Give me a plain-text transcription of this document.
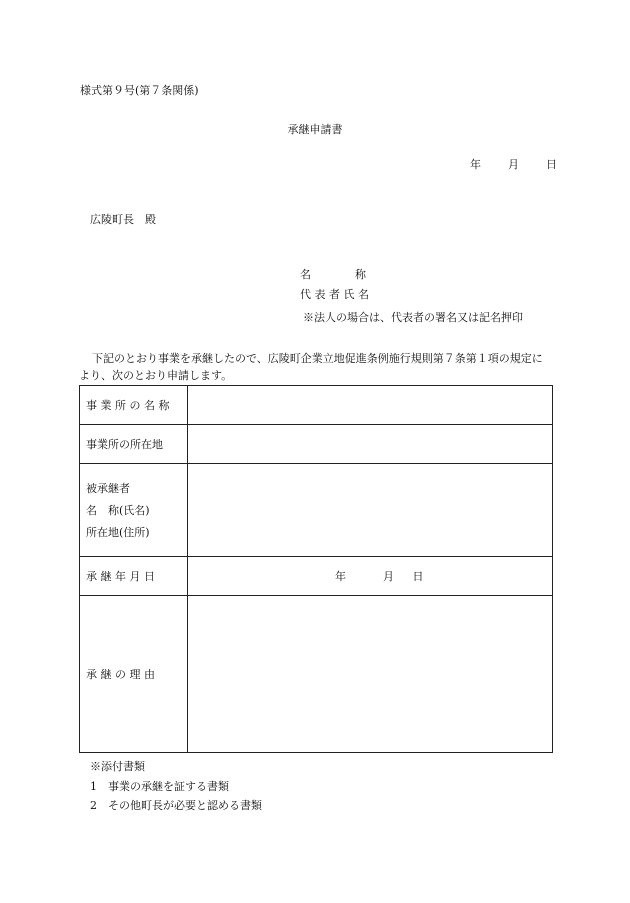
様式第９号(第７条関係)
承継申請書
年 月 日
広陵町長　殿
名　　　　称
代 表 者 氏 名
※法人の場合は、代表者の署名又は記名押印
下記のとおり事業を承継したので、広陵町企業立地促進条例施行規則第７条第１項の規定により、次のとおり申請します。
事 業 所 の 名 称	
事業所の所在地	

被承継者
名　称(氏名)
所在地(住所)	

承 継 年 月 日	年 月 日
承 継 の 理 由	
※添付書類
1 事業の承継を証する書類
2 その他町長が必要と認める書類
